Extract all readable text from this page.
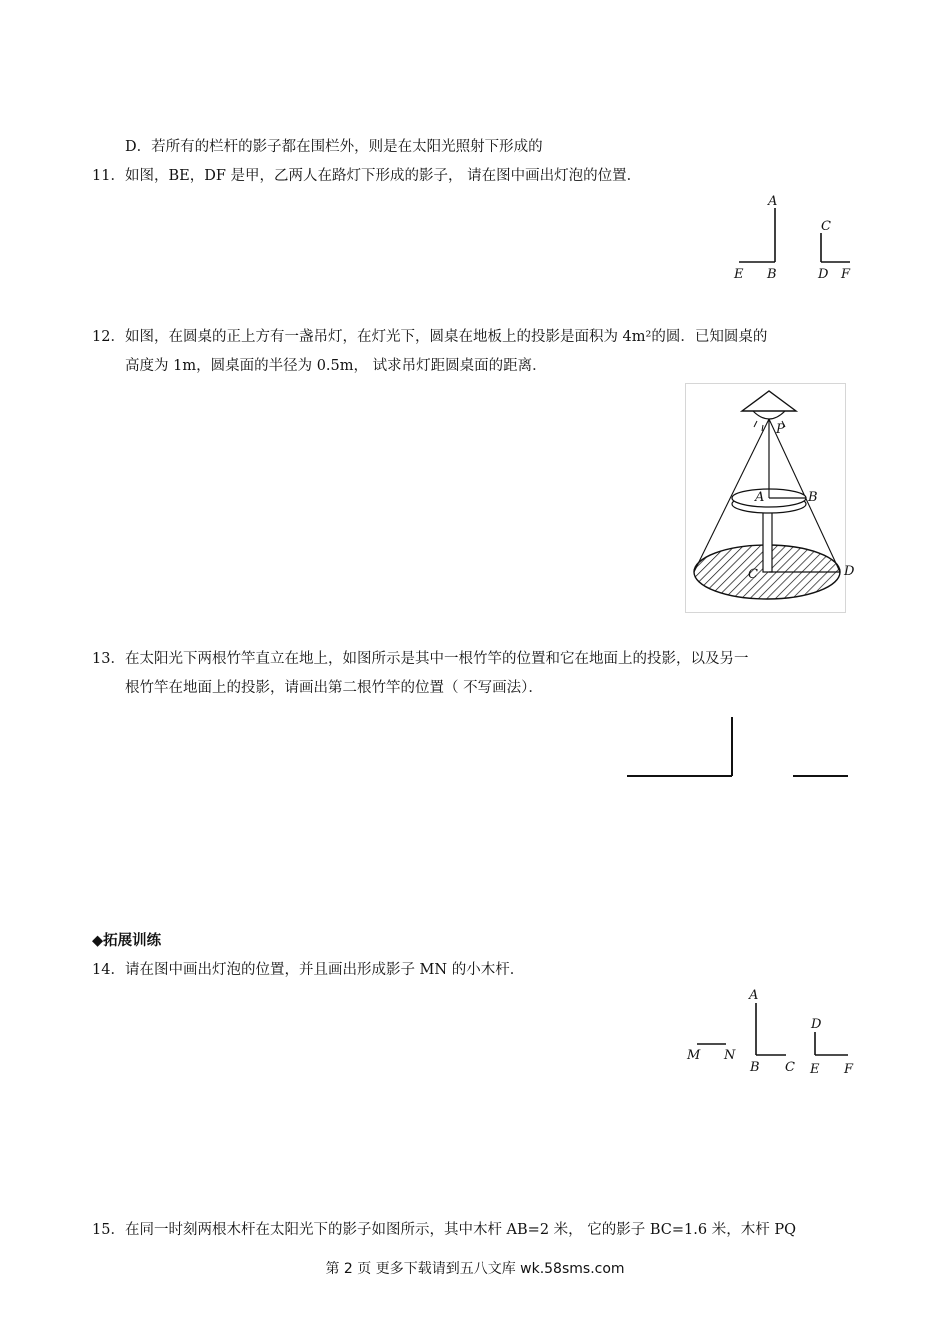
D．若所有的栏杆的影子都在围栏外，则是在太阳光照射下形成的
11．如图，BE，DF 是甲，乙两人在路灯下形成的影子， 请在图中画出灯泡的位置．
A
B
C
D
E	F
12．如图，在圆桌的正上方有一盏吊灯，在灯光下，圆桌在地板上的投影是面积为 4m²的圆．已知圆桌的
高度为 1m，圆桌面的半径为 0.5m， 试求吊灯距圆桌面的距离．
P
A	B
C	D
13．在太阳光下两根竹竿直立在地上，如图所示是其中一根竹竿的位置和它在地面上的投影，以及另一
根竹竿在地面上的投影，请画出第二根竹竿的位置（ 不写画法）．
◆拓展训练
14．请在图中画出灯泡的位置，并且画出形成影子 MN 的小木杆．
A
B C
D
E F
M N
15．在同一时刻两根木杆在太阳光下的影子如图所示，其中木杆 AB=2 米， 它的影子 BC=1.6 米，木杆 PQ
第 2 页 更多下载请到五八文库 wk.58sms.com
